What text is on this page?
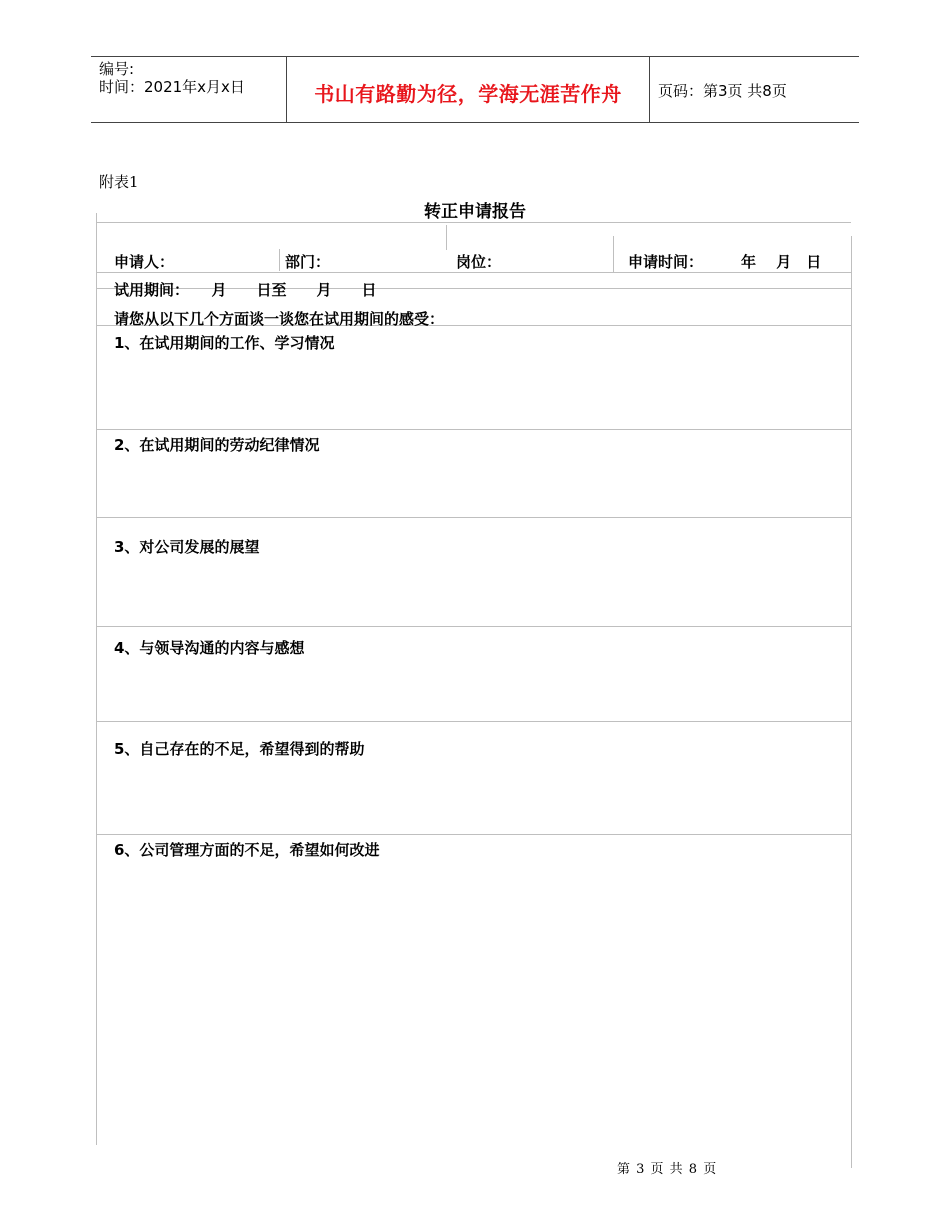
编号:
时间：2021年x月x日	书山有路勤为径，学海无涯苦作舟	页码：第3页 共8页
附表1
转正申请报告
申请人：	部门：	岗位：	申请时间：	年　 月　日
试用期间：　　月　　日至　　月　　日
请您从以下几个方面谈一谈您在试用期间的感受：
1、在试用期间的工作、学习情况
2、在试用期间的劳动纪律情况
3、对公司发展的展望
4、与领导沟通的内容与感想
5、自己存在的不足，希望得到的帮助
6、公司管理方面的不足，希望如何改进
第 3 页 共 8 页
